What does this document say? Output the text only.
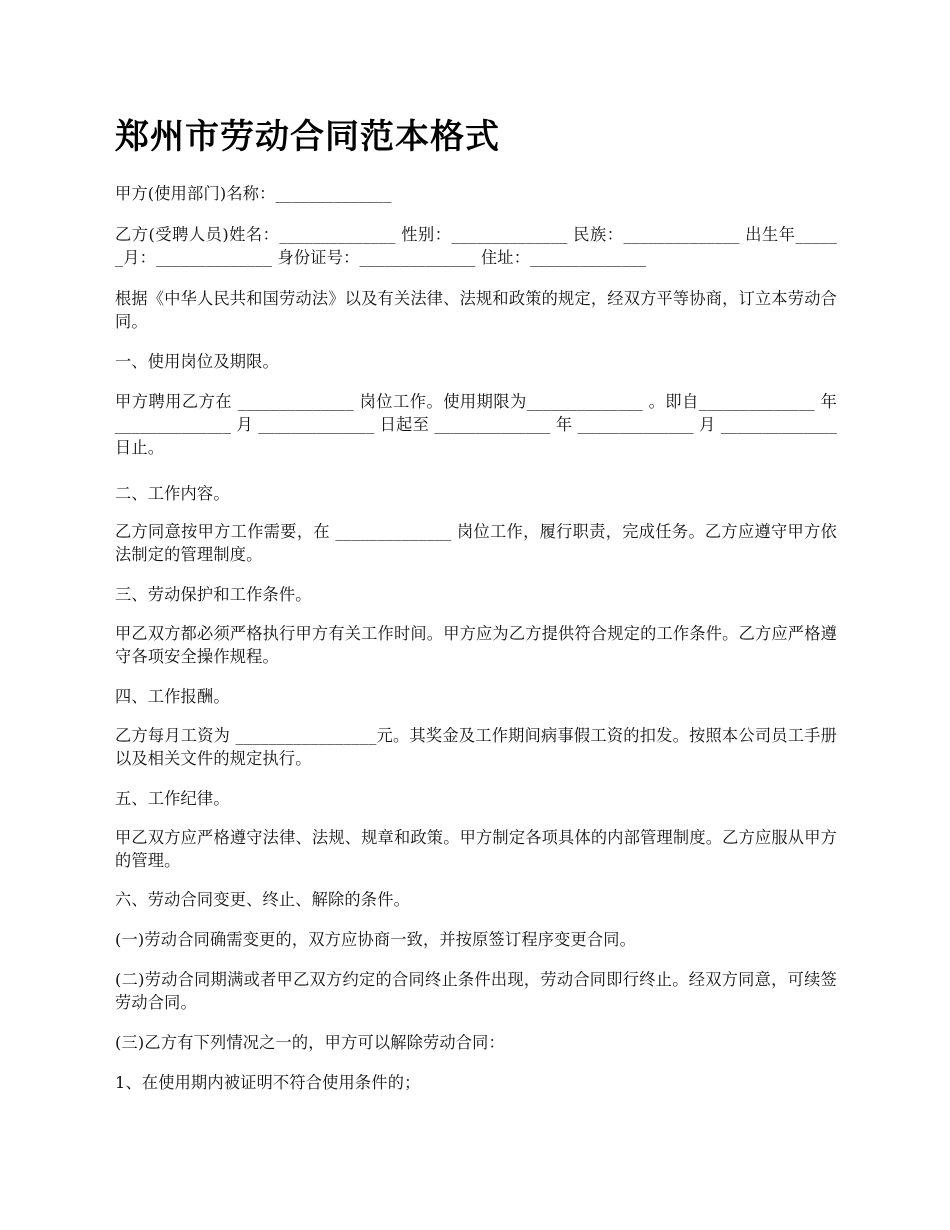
郑州市劳动合同范本格式

甲方(使用部门)名称：______________

乙方(受聘人员)姓名：______________ 性别：______________ 民族：______________ 出生年______月：______________ 身份证号：______________ 住址：______________

根据《中华人民共和国劳动法》以及有关法律、法规和政策的规定，经双方平等协商，订立本劳动合同。

一、使用岗位及期限。

甲方聘用乙方在 ______________ 岗位工作。使用期限为______________ 。即自______________ 年 ______________ 月 ______________ 日起至 ______________ 年 ______________ 月 ______________ 日止。

二、工作内容。

乙方同意按甲方工作需要，在 ______________ 岗位工作，履行职责，完成任务。乙方应遵守甲方依法制定的管理制度。

三、劳动保护和工作条件。

甲乙双方都必须严格执行甲方有关工作时间。甲方应为乙方提供符合规定的工作条件。乙方应严格遵守各项安全操作规程。

四、工作报酬。

乙方每月工资为 _________________元。其奖金及工作期间病事假工资的扣发。按照本公司员工手册以及相关文件的规定执行。

五、工作纪律。

甲乙双方应严格遵守法律、法规、规章和政策。甲方制定各项具体的内部管理制度。乙方应服从甲方的管理。

六、劳动合同变更、终止、解除的条件。

(一)劳动合同确需变更的，双方应协商一致，并按原签订程序变更合同。

(二)劳动合同期满或者甲乙双方约定的合同终止条件出现，劳动合同即行终止。经双方同意，可续签劳动合同。

(三)乙方有下列情况之一的，甲方可以解除劳动合同：

1、在使用期内被证明不符合使用条件的；
